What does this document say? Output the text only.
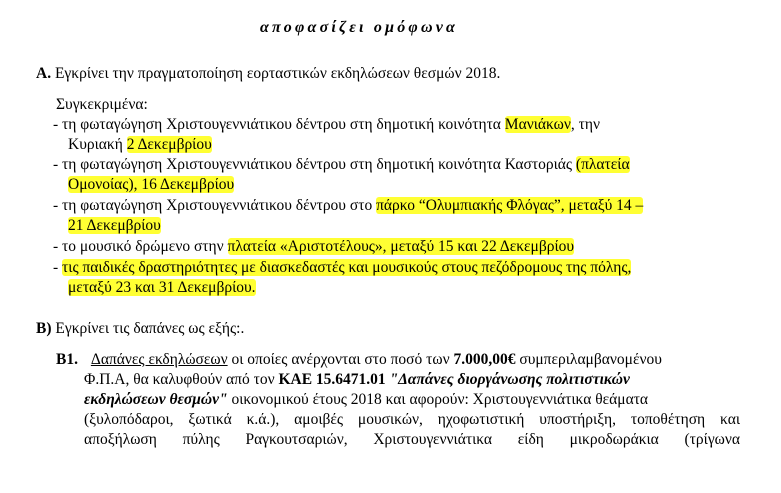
αποφασίζει ομόφωνα
Α. Εγκρίνει την πραγματοποίηση εορταστικών εκδηλώσεων θεσμών 2018.
Συγκεκριμένα:
- τη φωταγώγηση Χριστουγεννιάτικου δέντρου στη δημοτική κοινότητα Μανιάκων, την
Κυριακή 2 Δεκεμβρίου
- τη φωταγώγηση Χριστουγεννιάτικου δέντρου στη δημοτική κοινότητα Καστοριάς (πλατεία
Ομονοίας), 16 Δεκεμβρίου
- τη φωταγώγηση Χριστουγεννιάτικου δέντρου στο πάρκο “Ολυμπιακής Φλόγας”, μεταξύ 14 –
21 Δεκεμβρίου
- το μουσικό δρώμενο στην πλατεία «Αριστοτέλους», μεταξύ 15 και 22 Δεκεμβρίου
- τις παιδικές δραστηριότητες με διασκεδαστές και μουσικούς στους πεζόδρομους της πόλης,
μεταξύ 23 και 31 Δεκεμβρίου.
Β) Εγκρίνει τις δαπάνες ως εξής:.
Β1. Δαπάνες εκδηλώσεων οι οποίες ανέρχονται στο ποσό των 7.000,00€ συμπεριλαμβανομένου
Φ.Π.Α, θα καλυφθούν από τον ΚΑΕ 15.6471.01 "Δαπάνες διοργάνωσης πολιτιστικών
εκδηλώσεων θεσμών" οικονομικού έτους 2018 και αφορούν: Χριστουγεννιάτικα θεάματα
(ξυλοπόδαροι, ξωτικά κ.ά.), αμοιβές μουσικών, ηχοφωτιστική υποστήριξη, τοποθέτηση και
αποξήλωση πύλης Ραγκουτσαριών, Χριστουγεννιάτικα είδη μικροδωράκια (τρίγωνα
